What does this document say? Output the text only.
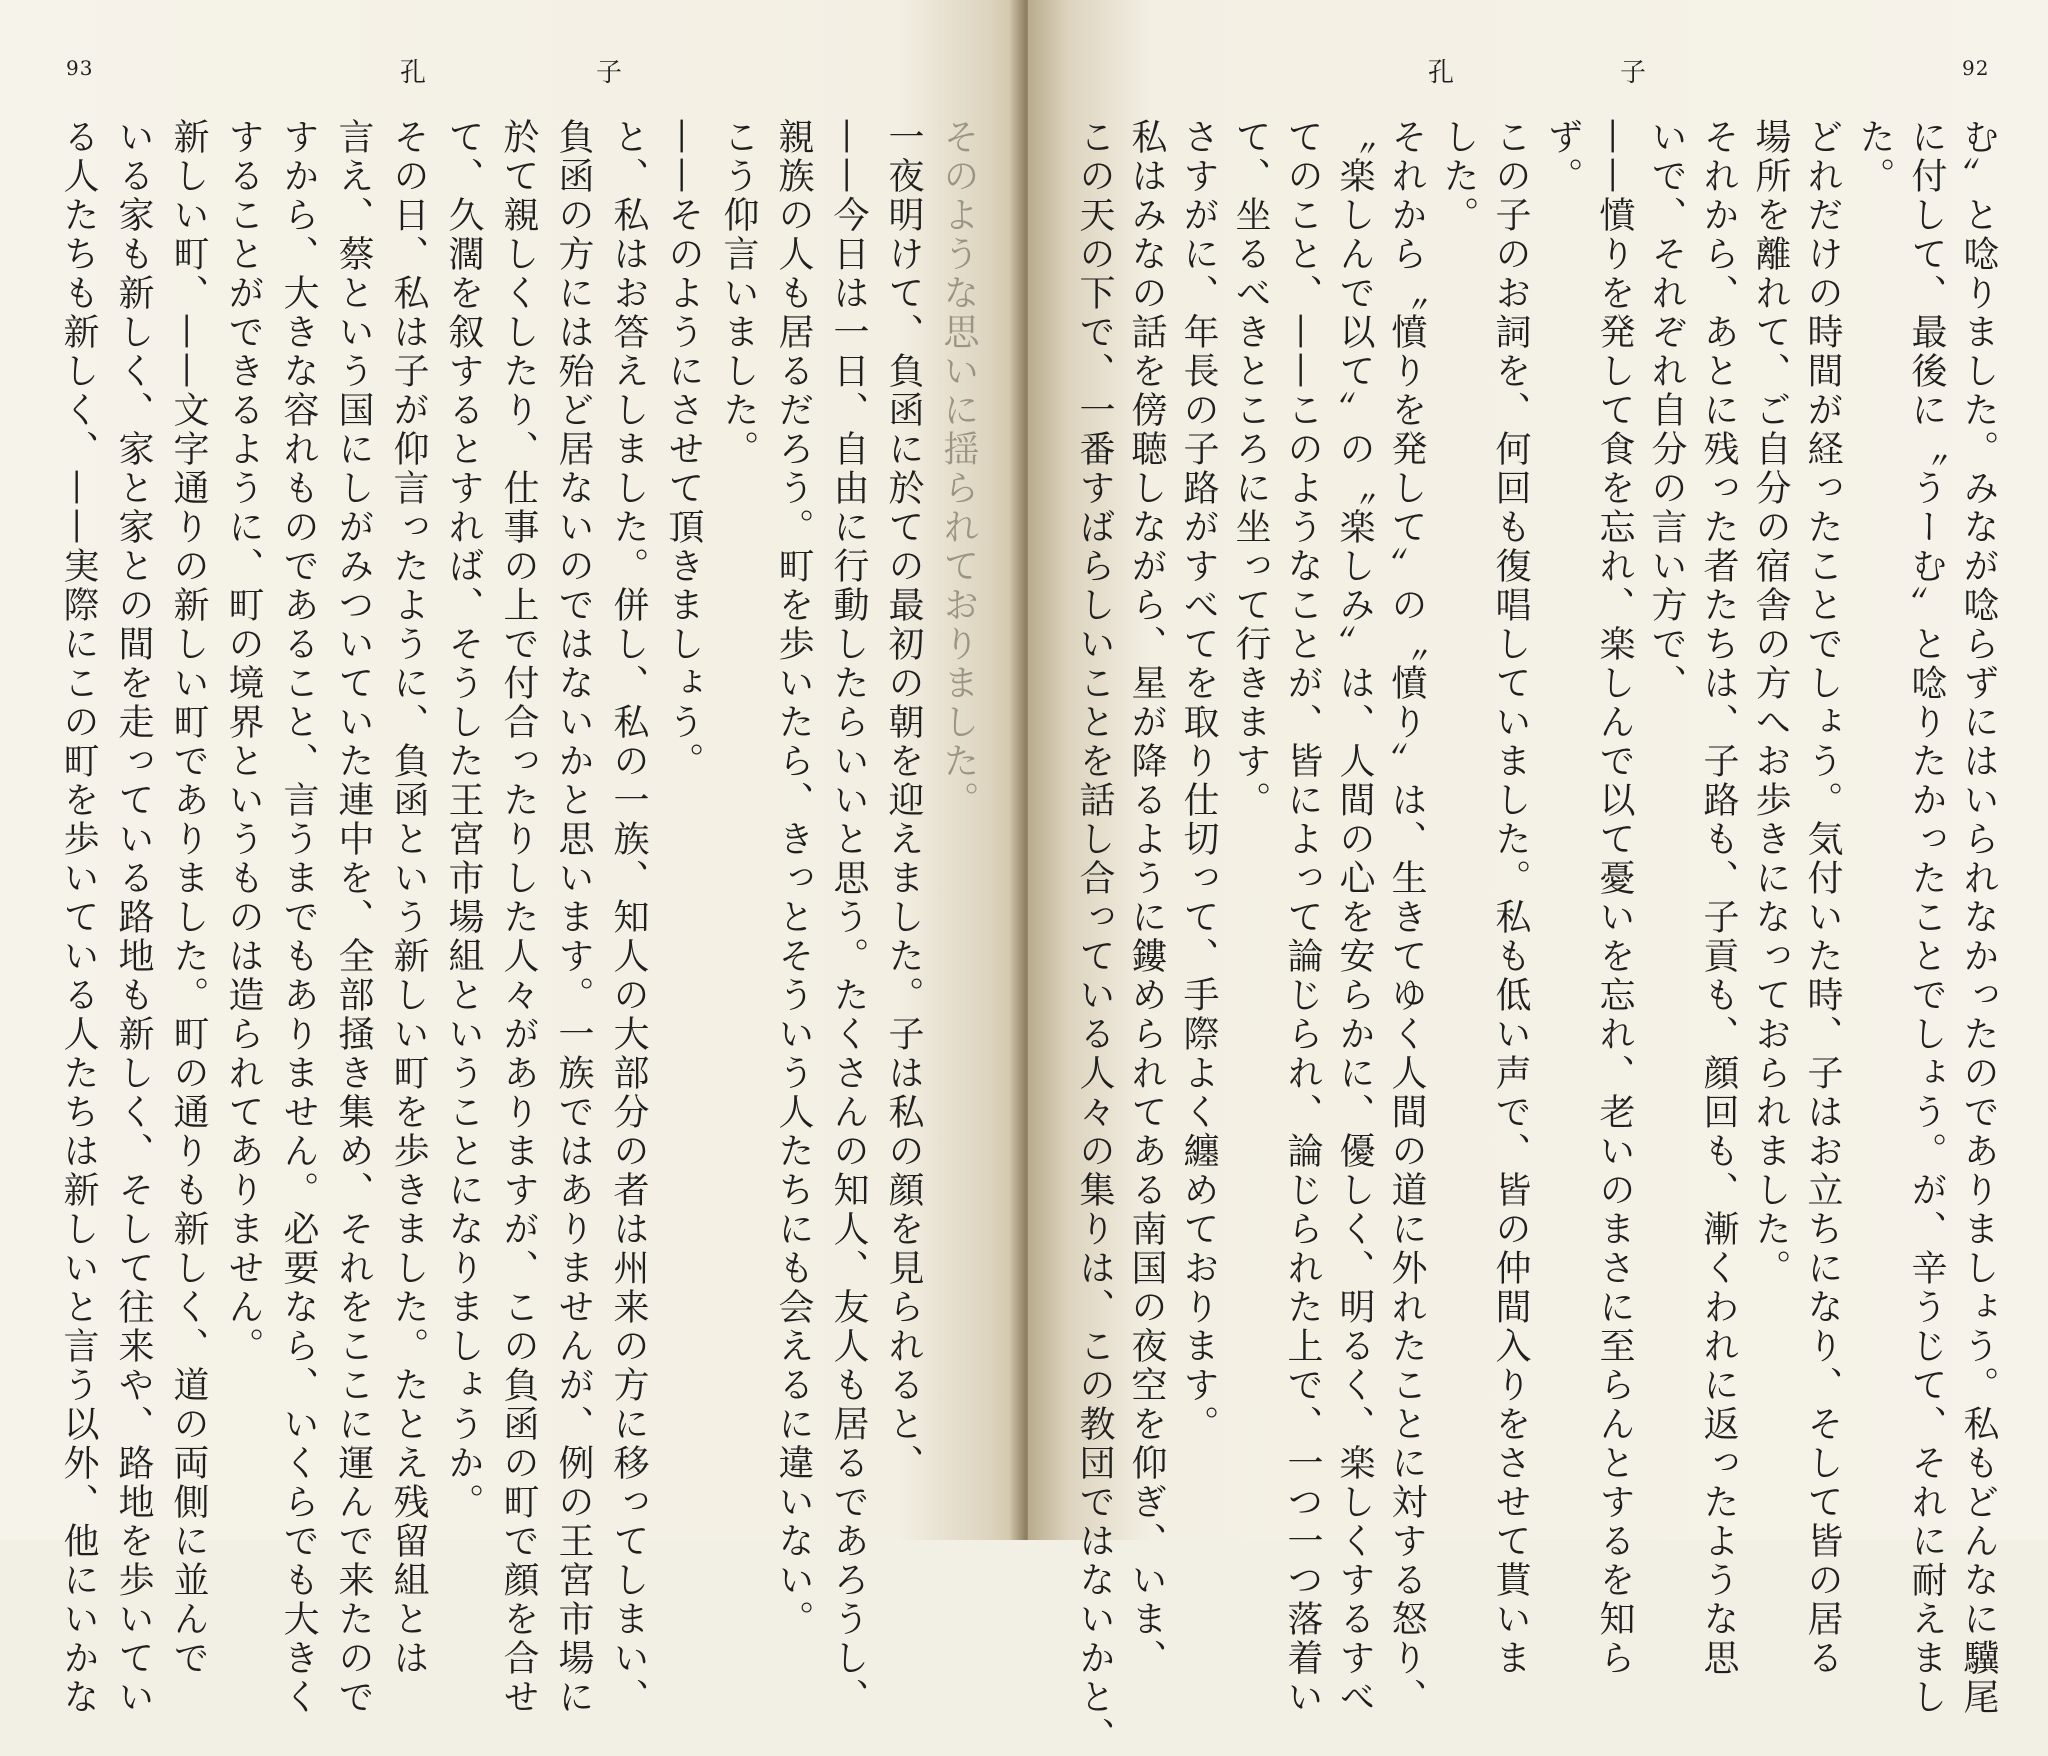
93	孔	子
そのような思いに揺られておりました。
一夜明けて、負函に於ての最初の朝を迎えました。子は私の顔を見られると、
——今日は一日、自由に行動したらいいと思う。たくさんの知人、友人も居るであろうし、
親族の人も居るだろう。町を歩いたら、きっとそういう人たちにも会えるに違いない。
こう仰言いました。
——そのようにさせて頂きましょう。
と、私はお答えしました。併し、私の一族、知人の大部分の者は州来の方に移ってしまい、
負函の方には殆ど居ないのではないかと思います。一族ではありませんが、例の王宮市場に
於て親しくしたり、仕事の上で付合ったりした人々がありますが、この負函の町で顔を合せ
て、久濶を叙するとすれば、そうした王宮市場組ということになりましょうか。
その日、私は子が仰言ったように、負函という新しい町を歩きました。たとえ残留組とは
言え、蔡という国にしがみついていた連中を、全部掻き集め、それをここに運んで来たので
すから、大きな容れものであること、言うまでもありません。必要なら、いくらでも大きく
することができるように、町の境界というものは造られてありません。
新しい町、——文字通りの新しい町でありました。町の通りも新しく、道の両側に並んで
いる家も新しく、家と家との間を走っている路地も新しく、そして往来や、路地を歩いてい
る人たちも新しく、——実際にこの町を歩いている人たちは新しいと言う以外、他にいかな
孔	子	92
む〟と唸りました。みなが唸らずにはいられなかったのでありましょう。私もどんなに驥尾
に付して、最後に〝うーむ〟と唸りたかったことでしょう。が、辛うじて、それに耐えまし
た。
どれだけの時間が経ったことでしょう。気付いた時、子はお立ちになり、そして皆の居る
場所を離れて、ご自分の宿舎の方へお歩きになっておられました。
それから、あとに残った者たちは、子路も、子貢も、顔回も、漸くわれに返ったような思
いで、それぞれ自分の言い方で、
——憤りを発して食を忘れ、楽しんで以て憂いを忘れ、老いのまさに至らんとするを知ら
ず。
この子のお詞を、何回も復唱していました。私も低い声で、皆の仲間入りをさせて貰いま
した。
それから〝憤りを発して〟の〝憤り〟は、生きてゆく人間の道に外れたことに対する怒り、
〝楽しんで以て〟の〝楽しみ〟は、人間の心を安らかに、優しく、明るく、楽しくするすべ
てのこと、——このようなことが、皆によって論じられ、論じられた上で、一つ一つ落着い
て、坐るべきところに坐って行きます。
さすがに、年長の子路がすべてを取り仕切って、手際よく纏めております。
私はみなの話を傍聴しながら、星が降るように鏤められてある南国の夜空を仰ぎ、いま、
この天の下で、一番すばらしいことを話し合っている人々の集りは、この教団ではないかと、
